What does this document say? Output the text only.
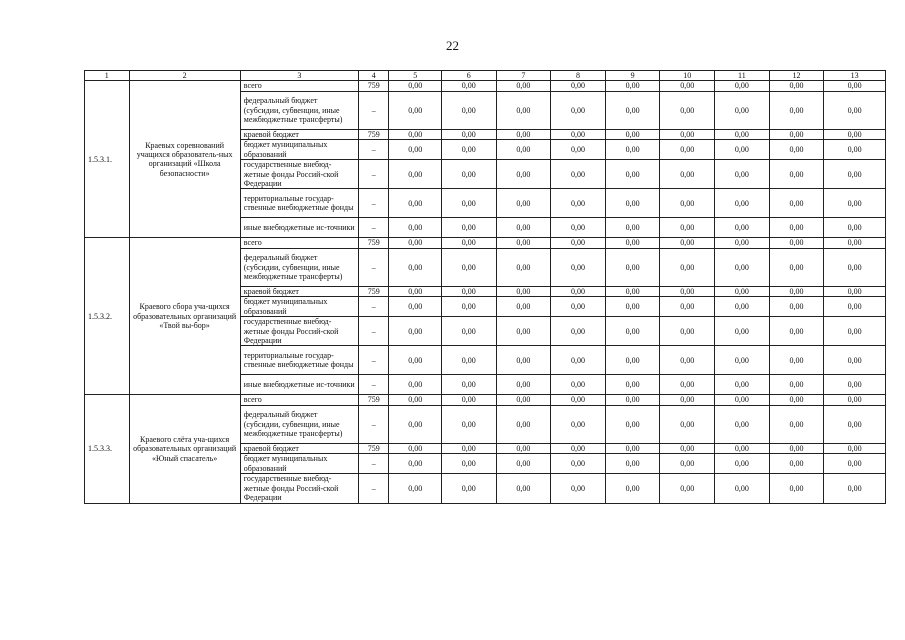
22
1	2	3	4	5	6	7	8	9	10	11	12	13
1.5.3.1.	Краевых соревнований учащихся образователь-ных организаций «Школа безопасности»	всего	759	0,00	0,00	0,00	0,00	0,00	0,00	0,00	0,00	0,00
		федеральный бюджет (субсидии, субвенции, иные межбюджетные трансферты)	–	0,00	0,00	0,00	0,00	0,00	0,00	0,00	0,00	0,00
		краевой бюджет	759	0,00	0,00	0,00	0,00	0,00	0,00	0,00	0,00	0,00
		бюджет муниципальных образований	–	0,00	0,00	0,00	0,00	0,00	0,00	0,00	0,00	0,00
		государственные внебюд-жетные фонды Россий-ской Федерации	–	0,00	0,00	0,00	0,00	0,00	0,00	0,00	0,00	0,00
		территориальные государ-ственные внебюджетные фонды	–	0,00	0,00	0,00	0,00	0,00	0,00	0,00	0,00	0,00
		иные внебюджетные ис-точники	–	0,00	0,00	0,00	0,00	0,00	0,00	0,00	0,00	0,00
1.5.3.2.	Краевого сбора уча-щихся образовательных организаций «Твой вы-бор»	всего	759	0,00	0,00	0,00	0,00	0,00	0,00	0,00	0,00	0,00
		федеральный бюджет (субсидии, субвенции, иные межбюджетные трансферты)	–	0,00	0,00	0,00	0,00	0,00	0,00	0,00	0,00	0,00
		краевой бюджет	759	0,00	0,00	0,00	0,00	0,00	0,00	0,00	0,00	0,00
		бюджет муниципальных образований	–	0,00	0,00	0,00	0,00	0,00	0,00	0,00	0,00	0,00
		государственные внебюд-жетные фонды Россий-ской Федерации	–	0,00	0,00	0,00	0,00	0,00	0,00	0,00	0,00	0,00
		территориальные государ-ственные внебюджетные фонды	–	0,00	0,00	0,00	0,00	0,00	0,00	0,00	0,00	0,00
		иные внебюджетные ис-точники	–	0,00	0,00	0,00	0,00	0,00	0,00	0,00	0,00	0,00
1.5.3.3.	Краевого слёта уча-щихся образовательных организаций «Юный спасатель»	всего	759	0,00	0,00	0,00	0,00	0,00	0,00	0,00	0,00	0,00
		федеральный бюджет (субсидии, субвенции, иные межбюджетные трансферты)	–	0,00	0,00	0,00	0,00	0,00	0,00	0,00	0,00	0,00
		краевой бюджет	759	0,00	0,00	0,00	0,00	0,00	0,00	0,00	0,00	0,00
		бюджет муниципальных образований	–	0,00	0,00	0,00	0,00	0,00	0,00	0,00	0,00	0,00
		государственные внебюд-жетные фонды Россий-ской Федерации	–	0,00	0,00	0,00	0,00	0,00	0,00	0,00	0,00	0,00
